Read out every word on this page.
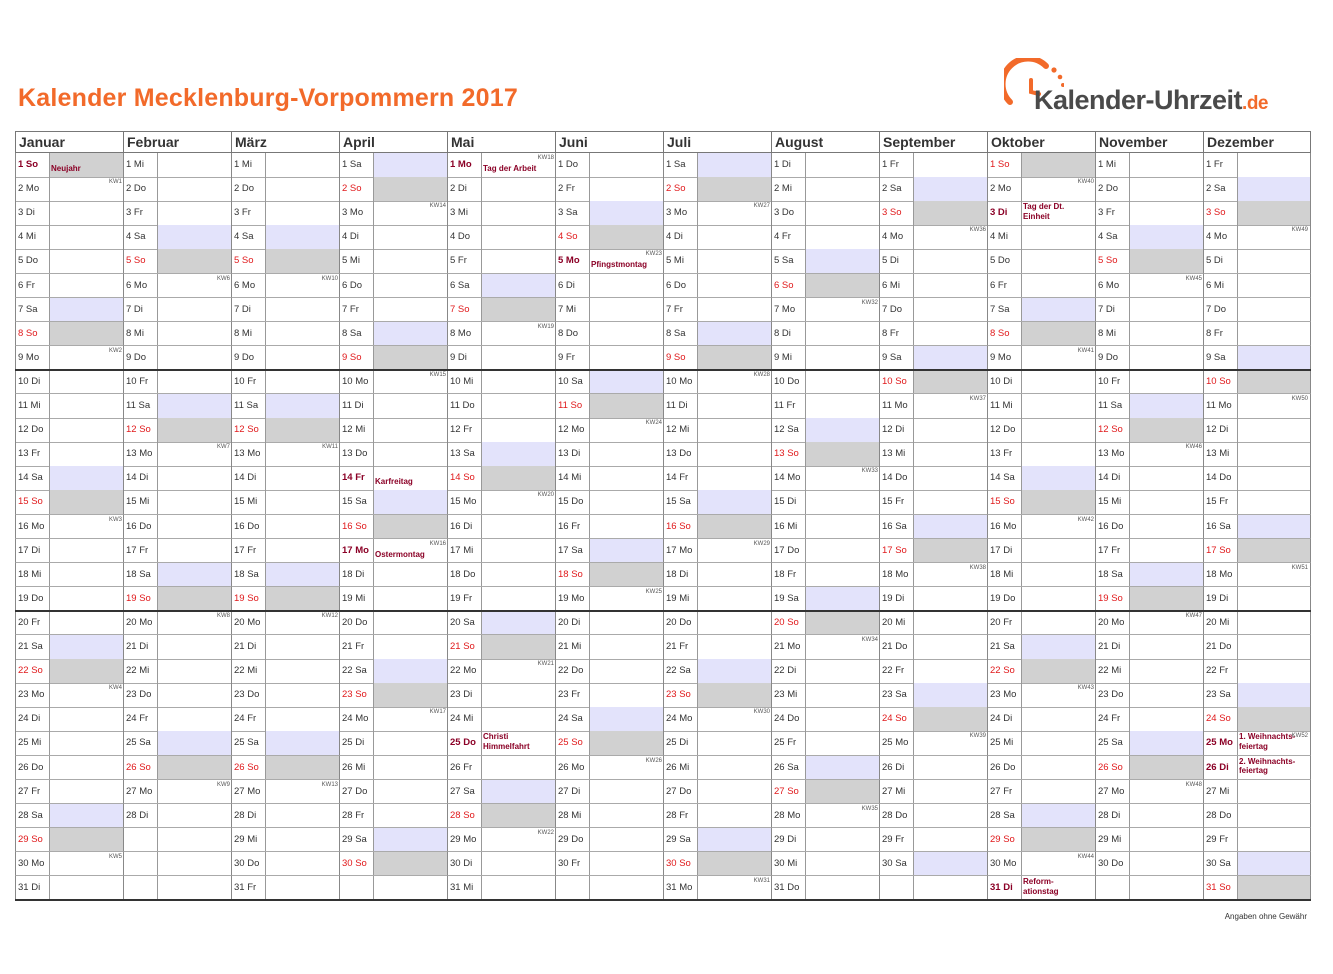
Kalender Mecklenburg-Vorpommern 2017	Kalender-Uhrzeit.de
Januar
1 So Neujahr
2 Mo
KW1
3 Di
4 Mi
5 Do
6 Fr
7 Sa
8 So
9 Mo
KW2
10 Di
11 Mi
12 Do
13 Fr
14 Sa
15 So
16 Mo
KW3
17 Di
18 Mi
19 Do
20 Fr
21 Sa
22 So
23 Mo
KW4
24 Di
25 Mi
26 Do
27 Fr
28 Sa
29 So
30 Mo
KW5
31 Di
Februar
1 Mi
2 Do
3 Fr
4 Sa
5 So
6 Mo
KW6
7 Di
8 Mi
9 Do
10 Fr
11 Sa
12 So
13 Mo
KW7
14 Di
15 Mi
16 Do
17 Fr
18 Sa
19 So
20 Mo
KW8
21 Di
22 Mi
23 Do
24 Fr
25 Sa
26 So
27 Mo
KW9
28 Di
März
1 Mi
2 Do
3 Fr
4 Sa
5 So
6 Mo
KW10
7 Di
8 Mi
9 Do
10 Fr
11 Sa
12 So
13 Mo
KW11
14 Di
15 Mi
16 Do
17 Fr
18 Sa
19 So
20 Mo
KW12
21 Di
22 Mi
23 Do
24 Fr
25 Sa
26 So
27 Mo
KW13
28 Di
29 Mi
30 Do
31 Fr
April
1 Sa
2 So
3 Mo
KW14
4 Di
5 Mi
6 Do
7 Fr
8 Sa
9 So
10 Mo
KW15
11 Di
12 Mi
13 Do
14 Fr Karfreitag
15 Sa
16 So
17 Mo Ostermontag
KW16
18 Di
19 Mi
20 Do
21 Fr
22 Sa
23 So
24 Mo
KW17
25 Di
26 Mi
27 Do
28 Fr
29 Sa
30 So
Mai
1 Mo Tag der Arbeit
KW18
2 Di
3 Mi
4 Do
5 Fr
6 Sa
7 So
8 Mo
KW19
9 Di
10 Mi
11 Do
12 Fr
13 Sa
14 So
15 Mo
KW20
16 Di
17 Mi
18 Do
19 Fr
20 Sa
21 So
22 Mo
KW21
23 Di
24 Mi
25 Do
Christi
Himmelfahrt
26 Fr
27 Sa
28 So
29 Mo
KW22
30 Di
31 Mi
Juni
1 Do
2 Fr
3 Sa
4 So
5 Mo Pfingstmontag
KW23
6 Di
7 Mi
8 Do
9 Fr
10 Sa
11 So
12 Mo
KW24
13 Di
14 Mi
15 Do
16 Fr
17 Sa
18 So
19 Mo
KW25
20 Di
21 Mi
22 Do
23 Fr
24 Sa
25 So
26 Mo
KW26
27 Di
28 Mi
29 Do
30 Fr
Juli
1 Sa
2 So
3 Mo
KW27
4 Di
5 Mi
6 Do
7 Fr
8 Sa
9 So
10 Mo
KW28
11 Di
12 Mi
13 Do
14 Fr
15 Sa
16 So
17 Mo
KW29
18 Di
19 Mi
20 Do
21 Fr
22 Sa
23 So
24 Mo
KW30
25 Di
26 Mi
27 Do
28 Fr
29 Sa
30 So
31 Mo
KW31
August
1 Di
2 Mi
3 Do
4 Fr
5 Sa
6 So
7 Mo
KW32
8 Di
9 Mi
10 Do
11 Fr
12 Sa
13 So
14 Mo
KW33
15 Di
16 Mi
17 Do
18 Fr
19 Sa
20 So
21 Mo
KW34
22 Di
23 Mi
24 Do
25 Fr
26 Sa
27 So
28 Mo
KW35
29 Di
30 Mi
31 Do
September
1 Fr
2 Sa
3 So
4 Mo
KW36
5 Di
6 Mi
7 Do
8 Fr
9 Sa
10 So
11 Mo
KW37
12 Di
13 Mi
14 Do
15 Fr
16 Sa
17 So
18 Mo
KW38
19 Di
20 Mi
21 Do
22 Fr
23 Sa
24 So
25 Mo
KW39
26 Di
27 Mi
28 Do
29 Fr
30 Sa
Oktober
1 So
2 Mo
KW40
3 Di
Tag der Dt.
Einheit
4 Mi
5 Do
6 Fr
7 Sa
8 So
9 Mo
KW41
10 Di
11 Mi
12 Do
13 Fr
14 Sa
15 So
16 Mo
KW42
17 Di
18 Mi
19 Do
20 Fr
21 Sa
22 So
23 Mo
KW43
24 Di
25 Mi
26 Do
27 Fr
28 Sa
29 So
30 Mo
KW44
31 Di
Reform-
ationstag
November
1 Mi
2 Do
3 Fr
4 Sa
5 So
6 Mo
KW45
7 Di
8 Mi
9 Do
10 Fr
11 Sa
12 So
13 Mo
KW46
14 Di
15 Mi
16 Do
17 Fr
18 Sa
19 So
20 Mo
KW47
21 Di
22 Mi
23 Do
24 Fr
25 Sa
26 So
27 Mo
KW48
28 Di
29 Mi
30 Do
Dezember
1 Fr
2 Sa
3 So
4 Mo
KW49
5 Di
6 Mi
7 Do
8 Fr
9 Sa
10 So
11 Mo
KW50
12 Di
13 Mi
14 Do
15 Fr
16 Sa
17 So
18 Mo
KW51
19 Di
20 Mi
21 Do
22 Fr
23 Sa
24 So
25 Mo
1. Weihnachts-
feiertag
KW52
26 Di
2. Weihnachts-
feiertag
27 Mi
28 Do
29 Fr
30 Sa
31 So
Angaben ohne Gewähr
